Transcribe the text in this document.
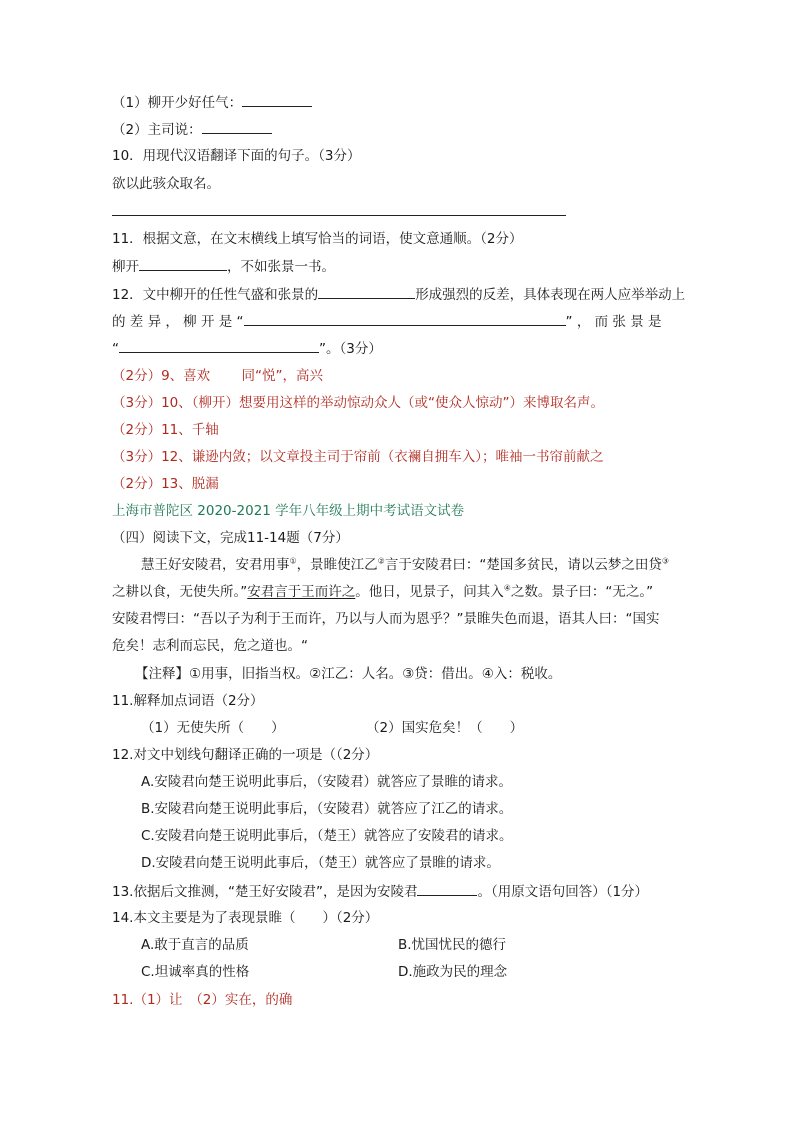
（1）柳开少好任气：
（2）主司说：
10．用现代汉语翻译下面的句子。（3分）
欲以此骇众取名。
11．根据文意，在文末横线上填写恰当的词语，使文意通顺。（2分）
柳开	，不如张景一书。
12．文中柳开的任性气盛和张景的	形成强烈的反差，具体表现在两人应举举动上
的 差 异 ， 柳 开 是 “	” ， 而 张 景 是
“	”。（3分）
（2分）9、喜欢　　 同“悦”，高兴
（3分）10、（柳开）想要用这样的举动惊动众人（或“使众人惊动”）来博取名声。
（2分）11、千轴
（3分）12、谦逊内敛；以文章投主司于帘前（衣襕自拥车入）；唯袖一书帘前献之
（2分）13、脱漏
上海市普陀区 2020-2021 学年八年级上期中考试语文试卷
（四）阅读下文，完成11-14题（7分）
慧王好安陵君，安君用事①，景睢使江乙②言于安陵君曰：“楚国多贫民，请以云梦之田贷③
之耕以食，无使失所。”安君言于王而许之。他日，见景子，问其入④之数。景子曰：“无之。”
安陵君愕曰：“吾以子为利于王而许，乃以与人而为恩乎？”景睢失色而退，语其人曰：“国实
危矣！志利而忘民，危之道也。“
【注释】①用事，旧指当权。②江乙：人名。③贷：借出。④入：税收。
11.解释加点词语（2分）
（1）无使失所（　　）	（2）国实危矣！（　　）
12.对文中划线句翻译正确的一项是（（2分）
A.安陵君向楚王说明此事后，（安陵君）就答应了景睢的请求。
B.安陵君向楚王说明此事后，（安陵君）就答应了江乙的请求。
C.安陵君向楚王说明此事后，（楚王）就答应了安陵君的请求。
D.安陵君向楚王说明此事后，（楚王）就答应了景睢的请求。
13.依据后文推测，“楚王好安陵君”，是因为安陵君	。（用原文语句回答）（1分）
14.本文主要是为了表现景睢（　　）（2分）
A.敢于直言的品质	B.忧国忧民的德行
C.坦诚率真的性格	D.施政为民的理念
11.（1）让　（2）实在，的确
